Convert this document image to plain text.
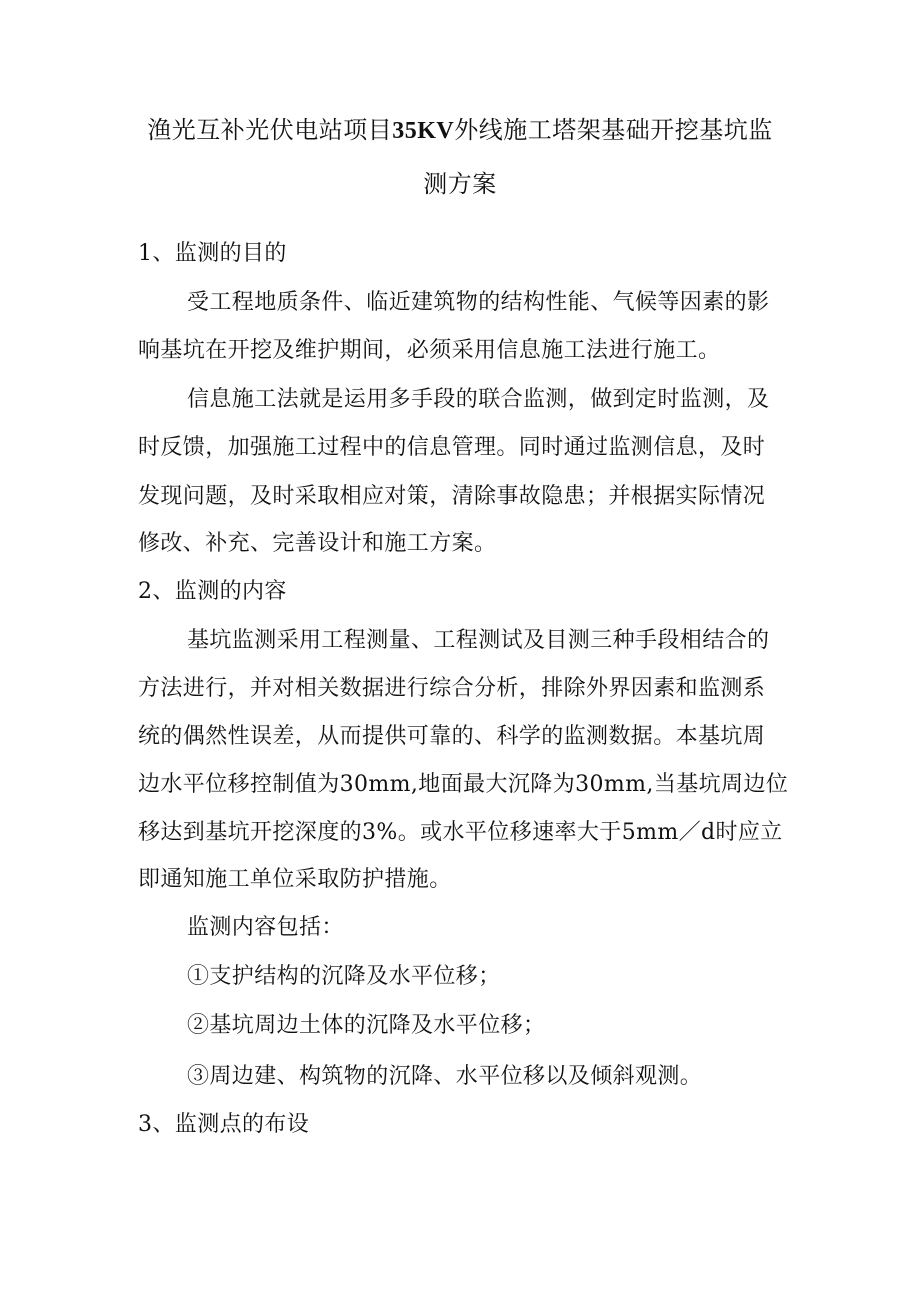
渔光互补光伏电站项目35KV外线施工塔架基础开挖基坑监
测方案
1、监测的目的
受工程地质条件、临近建筑物的结构性能、气候等因素的影
响基坑在开挖及维护期间，必须采用信息施工法进行施工。
信息施工法就是运用多手段的联合监测，做到定时监测，及
时反馈，加强施工过程中的信息管理。同时通过监测信息，及时
发现问题，及时采取相应对策，清除事故隐患；并根据实际情况
修改、补充、完善设计和施工方案。
2、监测的内容
基坑监测采用工程测量、工程测试及目测三种手段相结合的
方法进行，并对相关数据进行综合分析，排除外界因素和监测系
统的偶然性误差，从而提供可靠的、科学的监测数据。本基坑周
边水平位移控制值为30mm,地面最大沉降为30mm,当基坑周边位
移达到基坑开挖深度的3%。或水平位移速率大于5mm／d时应立
即通知施工单位采取防护措施。
监测内容包括：
①支护结构的沉降及水平位移；
②基坑周边土体的沉降及水平位移；
③周边建、构筑物的沉降、水平位移以及倾斜观测。
3、监测点的布设
